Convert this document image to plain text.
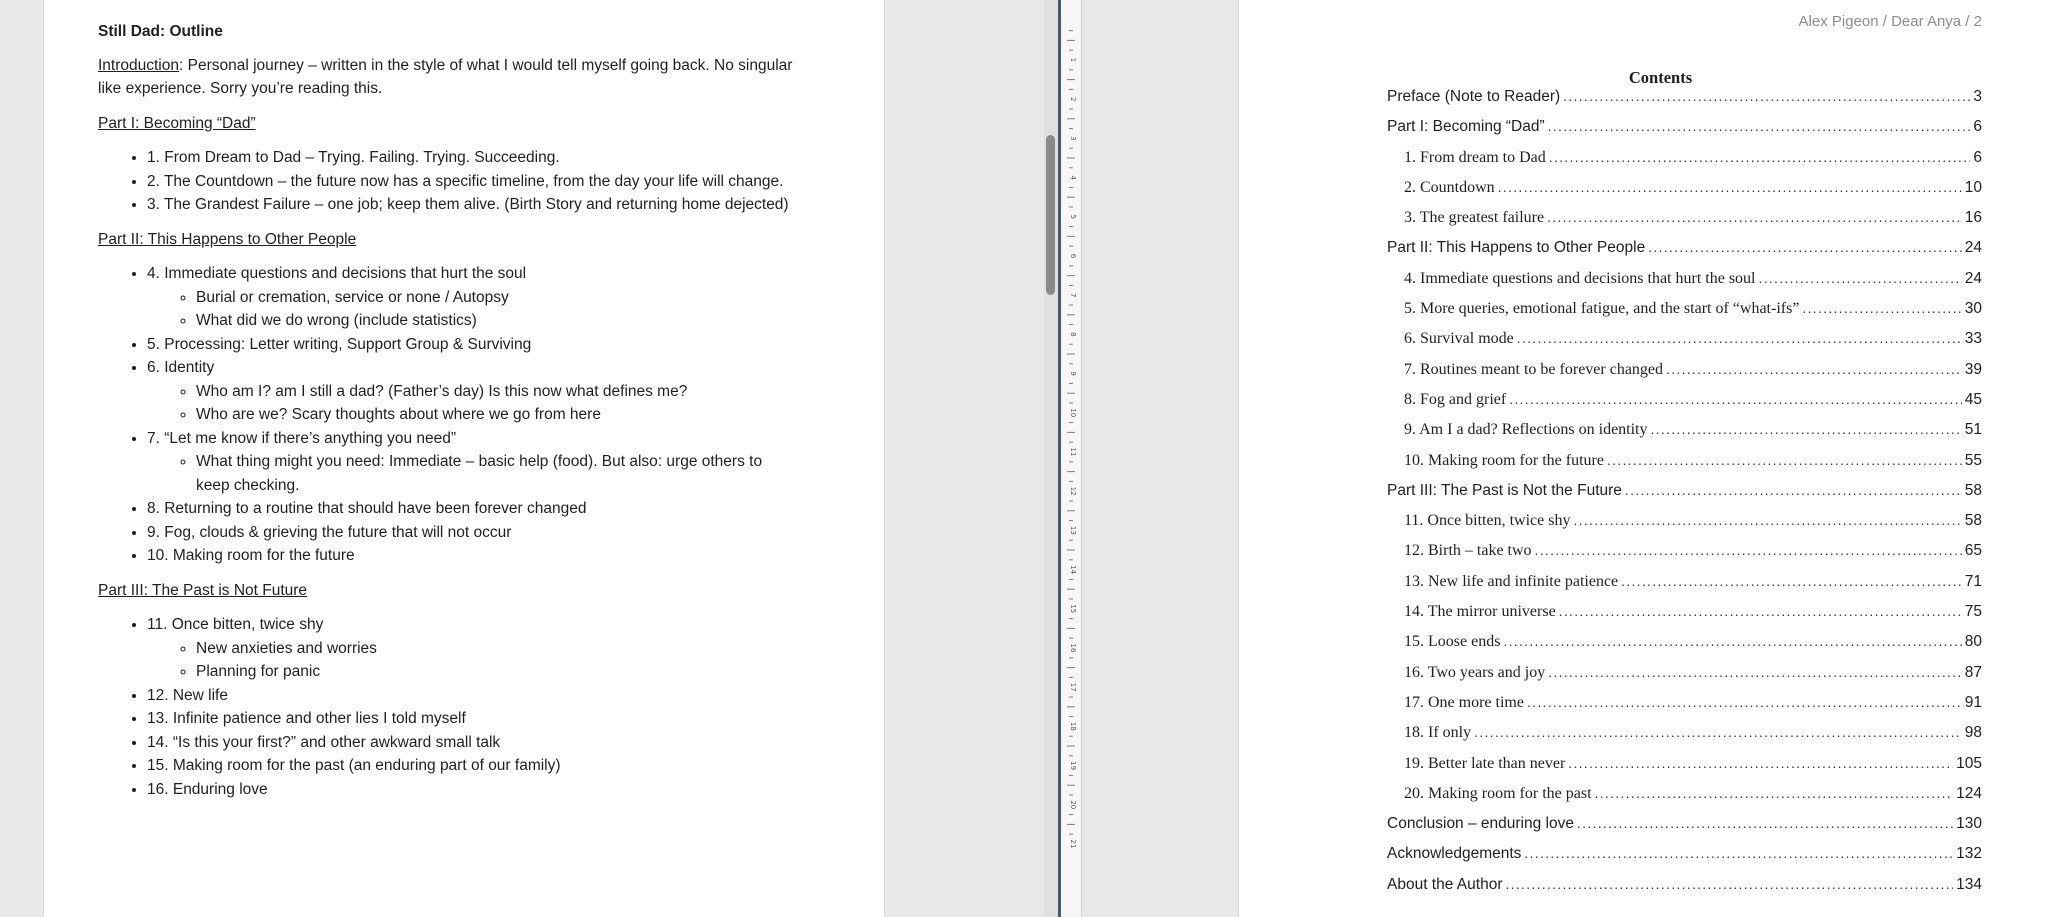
Still Dad: Outline

Introduction: Personal journey – written in the style of what I would tell myself going back. No singular like experience. Sorry you’re reading this.

Part I: Becoming “Dad”

• 1. From Dream to Dad – Trying. Failing. Trying. Succeeding.
• 2. The Countdown – the future now has a specific timeline, from the day your life will change.
• 3. The Grandest Failure – one job; keep them alive. (Birth Story and returning home dejected)

Part II: This Happens to Other People

• 4. Immediate questions and decisions that hurt the soul
◦ Burial or cremation, service or none / Autopsy
◦ What did we do wrong (include statistics)
• 5. Processing: Letter writing, Support Group & Surviving
• 6. Identity
◦ Who am I? am I still a dad? (Father’s day) Is this now what defines me?
◦ Who are we? Scary thoughts about where we go from here
• 7. “Let me know if there’s anything you need”
◦ What thing might you need: Immediate – basic help (food). But also: urge others to keep checking.
• 8. Returning to a routine that should have been forever changed
• 9. Fog, clouds & grieving the future that will not occur
• 10. Making room for the future

Part III: The Past is Not Future

• 11. Once bitten, twice shy
◦ New anxieties and worries
◦ Planning for panic
• 12. New life
• 13. Infinite patience and other lies I told myself
• 14. “Is this your first?” and other awkward small talk
• 15. Making room for the past (an enduring part of our family)
• 16. Enduring love
1
2
3
4
5
6
7
8
9
10
11
12
13
14
15
16
17
18
19
20
21
Alex Pigeon / Dear Anya / 2
Contents
Preface (Note to Reader) . . .	3
Part I: Becoming “Dad” . . .	6
1. From dream to Dad . . .	6
2. Countdown . . .	10
3. The greatest failure . . .	16
Part II: This Happens to Other People . . .	24
4. Immediate questions and decisions that hurt the soul . . .	24
5. More queries, emotional fatigue, and the start of “what-ifs” . . .	30
6. Survival mode . . .	33
7. Routines meant to be forever changed . . .	39
8. Fog and grief . . .	45
9. Am I a dad? Reflections on identity . . .	51
10. Making room for the future . . .	55
Part III: The Past is Not the Future . . .	58
11. Once bitten, twice shy . . .	58
12. Birth – take two . . .	65
13. New life and infinite patience . . .	71
14. The mirror universe . . .	75
15. Loose ends . . .	80
16. Two years and joy . . .	87
17. One more time . . .	91
18. If only . . .	98
19. Better late than never . . .	105
20. Making room for the past . . .	124
Conclusion – enduring love . . .	130
Acknowledgements . . .	132
About the Author . . .	134
